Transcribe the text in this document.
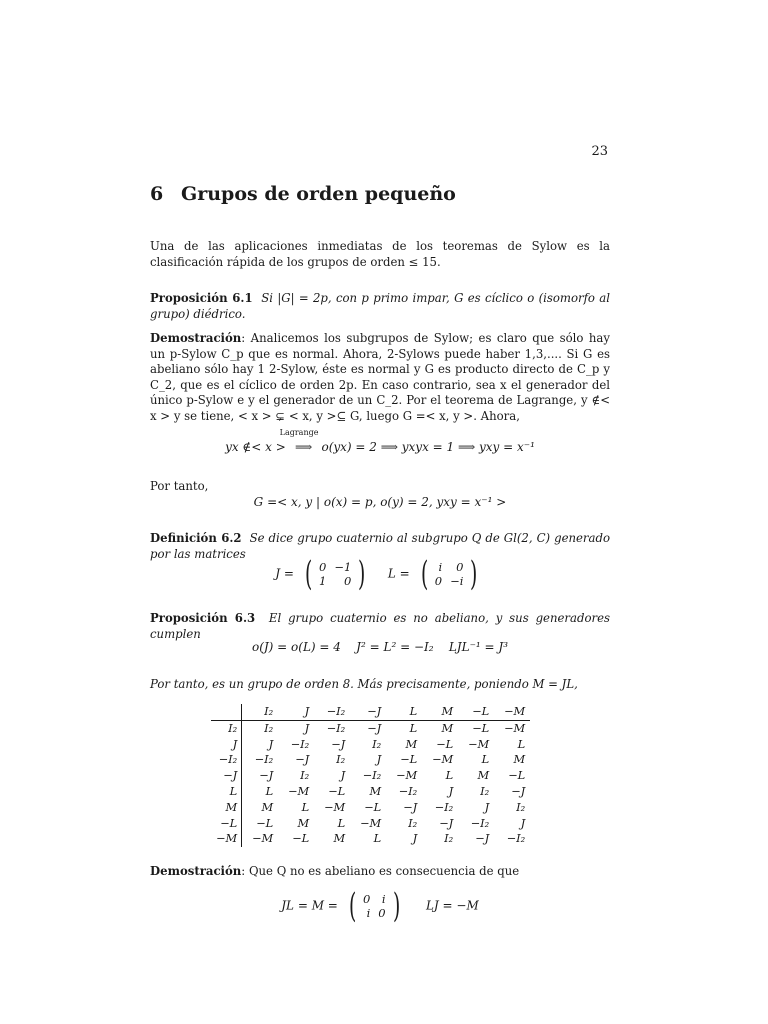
23
6 Grupos de orden pequeño

Una de las aplicaciones inmediatas de los teoremas de Sylow es la clasificación rápida de los grupos de orden ≤ 15.

Proposición 6.1 Si |G| = 2p, con p primo impar, G es cíclico o (isomorfo al grupo) diédrico.

Demostración: Analicemos los subgrupos de Sylow; es claro que sólo hay un p-Sylow C_p que es normal. Ahora, 2-Sylows puede haber 1,3,.... Si G es abeliano sólo hay 1 2-Sylow, éste es normal y G es producto directo de C_p y C_2, que es el cíclico de orden 2p. En caso contrario, sea x el generador del único p-Sylow e y el generador de un C_2. Por el teorema de Lagrange, y ∉< x > y se tiene, < x > ⊊ < x, y >⊆ G, luego G =< x, y >. Ahora,

yx ∉< x >
Lagrange
⟹ o(yx) = 2 ⟹ yxyx = 1 ⟹ yxy = x⁻¹

Por tanto,

G =< x, y | o(x) = p, o(y) = 2, yxy = x⁻¹ >

Definición 6.2 Se dice grupo cuaternio al subgrupo Q de Gl(2, C) generado por las matrices

J = ( 0	−1
1	0 ) L = ( i	0
0	−i )

Proposición 6.3 El grupo cuaternio es no abeliano, y sus generadores cumplen

o(J) = o(L) = 4    J² = L² = −I₂    LJL⁻¹ = J³

Por tanto, es un grupo de orden 8. Más precisamente, poniendo M = JL,

	I₂	J	−I₂	−J	L	M	−L	−M
I₂	I₂	J	−I₂	−J	L	M	−L	−M
J	J	−I₂	−J	I₂	M	−L	−M	L
−I₂	−I₂	−J	I₂	J	−L	−M	L	M
−J	−J	I₂	J	−I₂	−M	L	M	−L
L	L	−M	−L	M	−I₂	J	I₂	−J
M	M	L	−M	−L	−J	−I₂	J	I₂
−L	−L	M	L	−M	I₂	−J	−I₂	J
−M	−M	−L	M	L	J	I₂	−J	−I₂

Demostración: Que Q no es abeliano es consecuencia de que

JL = M = ( 0	i
i	0 ) LJ = −M
